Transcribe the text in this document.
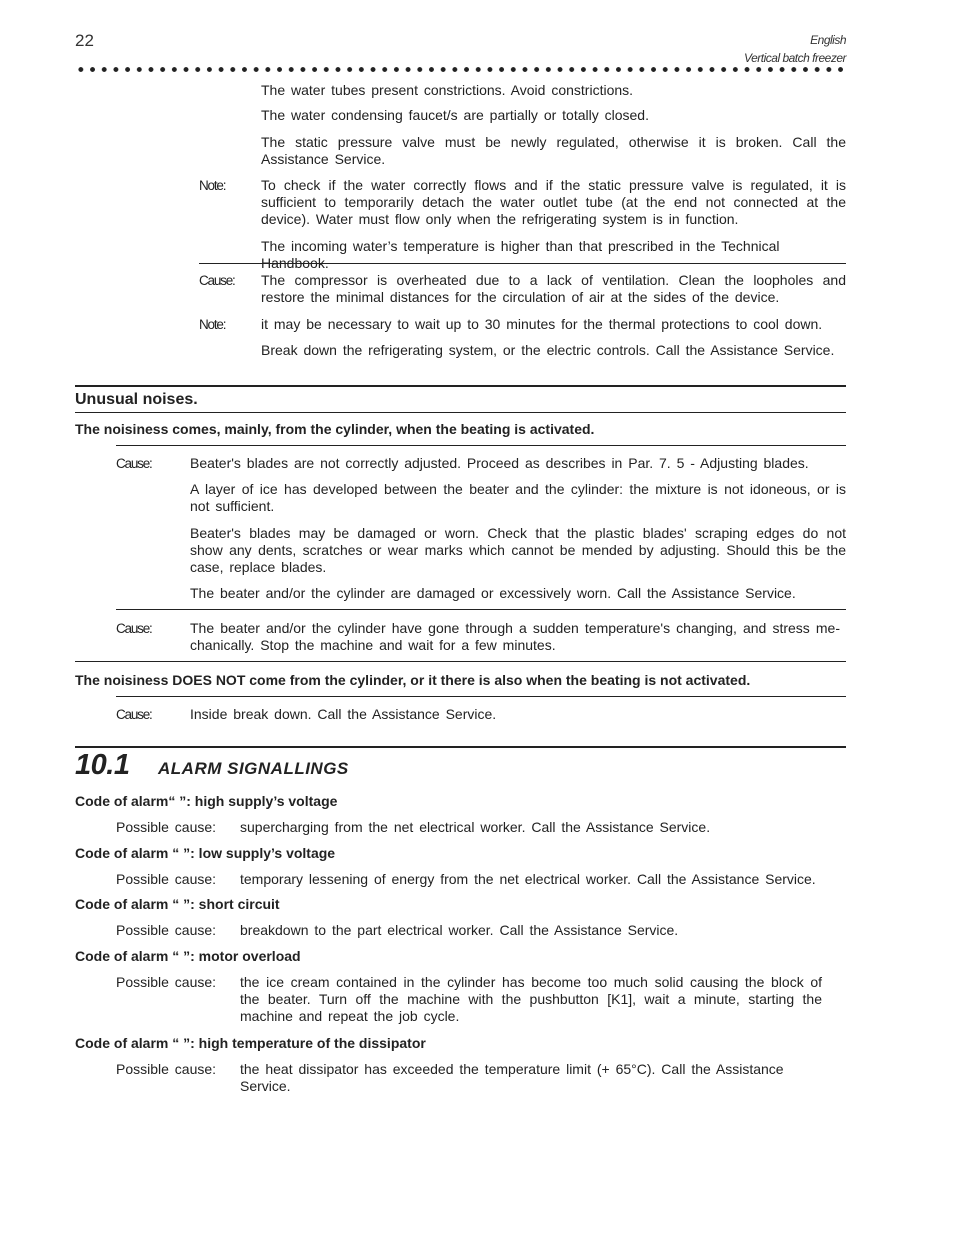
22	English
Vertical batch freezer
The water tubes present constrictions. Avoid constrictions.
The water condensing faucet/s are partially or totally closed.
The static pressure valve must be newly regulated, otherwise it is broken. Call the Assistance Service.
Note:	To check if the water correctly flows and if the static pressure valve is regulated, it is sufficient to temporarily detach the water outlet tube (at the end not connected at the device). Water must flow only when the refrigerating system is in function.
The incoming water’s temperature is higher than that prescribed in the Technical Handbook.
Cause: The compressor is overheated due to a lack of ventilation. Clean the loopholes and restore the minimal distances for the circulation of air at the sides of the device.
Note:	it may be necessary to wait up to 30 minutes for the thermal protections to cool down.
Break down the refrigerating system, or the electric controls. Call the Assistance Service.
Unusual noises.
The noisiness comes, mainly, from the cylinder, when the beating is activated.
Cause:	Beater's blades are not correctly adjusted. Proceed as describes in Par. 7. 5 - Adjusting blades.
A layer of ice has developed between the beater and the cylinder: the mixture is not idoneous, or is not sufficient.
Beater's blades may be damaged or worn. Check that the plastic blades' scraping edges do not show any dents, scratches or wear marks which cannot be mended by adjusting. Should this be the case, replace blades.
The beater and/or the cylinder are damaged or excessively worn. Call the Assistance Service.
Cause:	The beater and/or the cylinder have gone through a sudden temperature's changing, and stress me-chanically. Stop the machine and wait for a few minutes.
The noisiness DOES NOT come from the cylinder, or it there is also when the beating is not activated.
Cause:	Inside break down. Call the Assistance Service.
10.1 ALARM SIGNALLINGS
Code of alarm“ ”: high supply’s voltage
Possible cause: supercharging from the net electrical worker. Call the Assistance Service.
Code of alarm “ ”: low supply’s voltage
Possible cause: temporary lessening of energy from the net electrical worker. Call the Assistance Service.
Code of alarm “ ”: short circuit
Possible cause: breakdown to the part electrical worker. Call the Assistance Service.
Code of alarm “ ”: motor overload
Possible cause: the ice cream contained in the cylinder has become too much solid causing the block of the beater. Turn off the machine with the pushbutton [K1], wait a minute, starting the machine and repeat the job cycle.
Code of alarm “ ”: high temperature of the dissipator
Possible cause: the heat dissipator has exceeded the temperature limit (+ 65°C). Call the Assistance Service.
